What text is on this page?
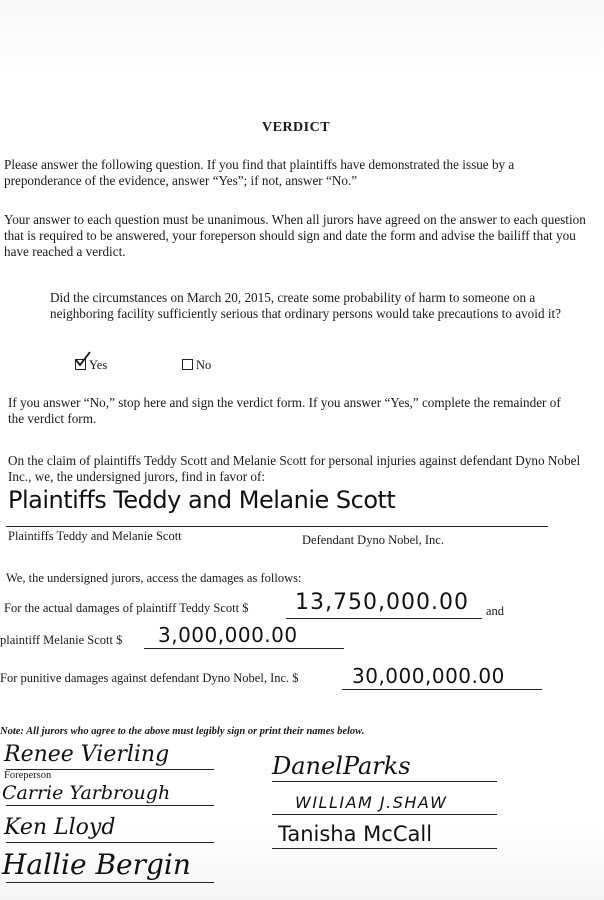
VERDICT
Please answer the following question. If you find that plaintiffs have demonstrated the issue by a preponderance of the evidence, answer “Yes”; if not, answer “No.”
Your answer to each question must be unanimous. When all jurors have agreed on the answer to each question that is required to be answered, your foreperson should sign and date the form and advise the bailiff that you have reached a verdict.
Did the circumstances on March 20, 2015, create some probability of harm to someone on a neighboring facility sufficiently serious that ordinary persons would take precautions to avoid it?
Yes	No
If you answer “No,” stop here and sign the verdict form. If you answer “Yes,” complete the remainder of the verdict form.
On the claim of plaintiffs Teddy Scott and Melanie Scott for personal injuries against defendant Dyno Nobel Inc., we, the undersigned jurors, find in favor of:
Plaintiffs Teddy and Melanie Scott
Plaintiffs Teddy and Melanie Scott	Defendant Dyno Nobel, Inc.
We, the undersigned jurors, access the damages as follows:
For the actual damages of plaintiff Teddy Scott $ 13,750,000.00 and
plaintiff Melanie Scott $ 3,000,000.00
For punitive damages against defendant Dyno Nobel, Inc. $	30,000,000.00
Note: All jurors who agree to the above must legibly sign or print their names below.
Renee Vierling
Foreperson
Carrie Yarbrough
Ken Lloyd
Hallie Bergin
DanelParks
WILLIAM J.SHAW
Tanisha McCall
